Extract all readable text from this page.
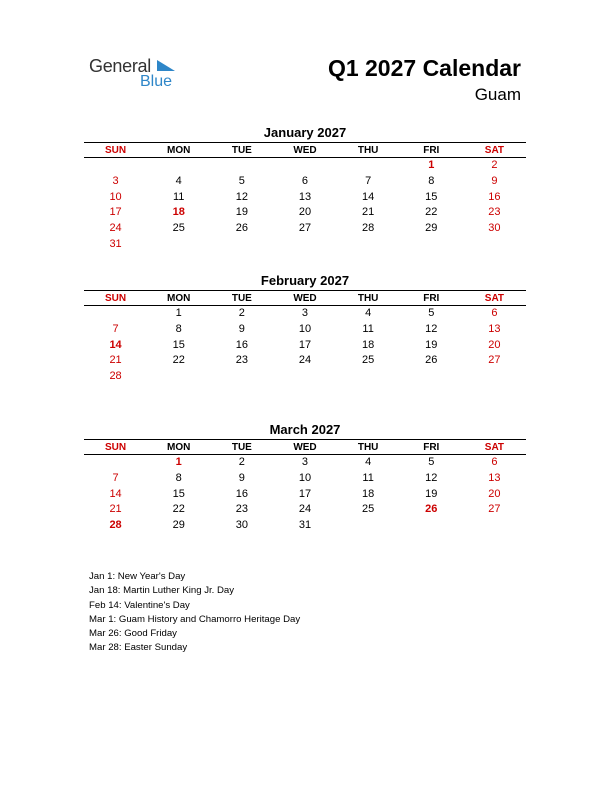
General
Blue
Q1 2027 Calendar
Guam
January 2027
SUN	MON	TUE	WED	THU	FRI	SAT
					1	2
3	4	5	6	7	8	9
10	11	12	13	14	15	16
17	18	19	20	21	22	23
24	25	26	27	28	29	30
31						
February 2027
SUN	MON	TUE	WED	THU	FRI	SAT
	1	2	3	4	5	6
7	8	9	10	11	12	13
14	15	16	17	18	19	20
21	22	23	24	25	26	27
28						
March 2027
SUN	MON	TUE	WED	THU	FRI	SAT
	1	2	3	4	5	6
7	8	9	10	11	12	13
14	15	16	17	18	19	20
21	22	23	24	25	26	27
28	29	30	31			
Jan 1: New Year's Day
Jan 18: Martin Luther King Jr. Day
Feb 14: Valentine's Day
Mar 1: Guam History and Chamorro Heritage Day
Mar 26: Good Friday
Mar 28: Easter Sunday
